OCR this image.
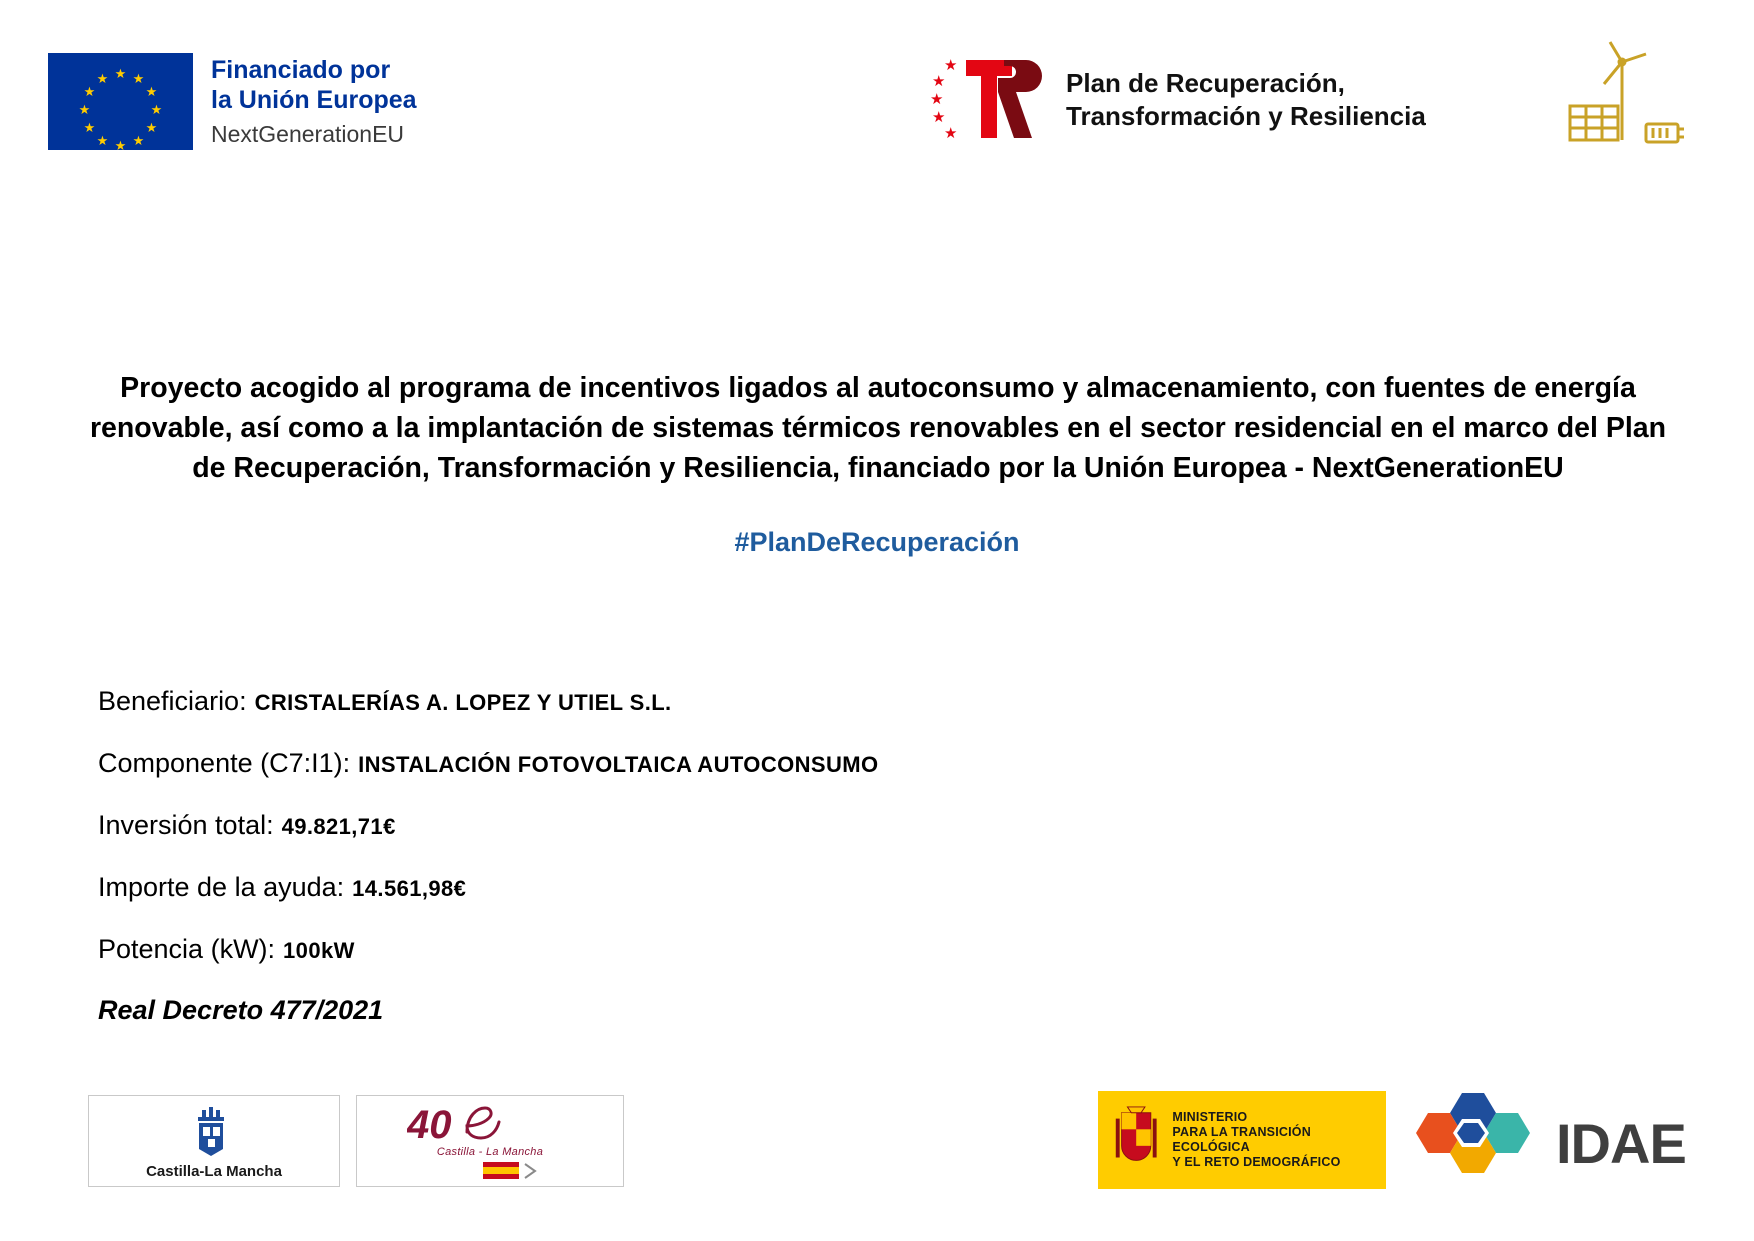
★ ★
★
★
★
★
★
★
★
★
★
★	Financiado por
la Unión Europea
NextGenerationEU
★
★
★
★
★
Plan de Recuperación,
Transformación y Resiliencia
Proyecto acogido al programa de incentivos ligados al autoconsumo y almacenamiento, con fuentes de energía renovable, así como a la implantación de sistemas térmicos renovables en el sector residencial en el marco del Plan de Recuperación, Transformación y Resiliencia, financiado por la Unión Europea - NextGenerationEU
#PlanDeRecuperación
Beneficiario: CRISTALERÍAS A. LOPEZ Y UTIEL S.L.
Componente (C7:I1): INSTALACIÓN FOTOVOLTAICA AUTOCONSUMO
Inversión total: 49.821,71€
Importe de la ayuda: 14.561,98€
Potencia (kW): 100kW
Real Decreto 477/2021
Castilla-La Mancha
40
Castilla - La Mancha
MINISTERIO
PARA LA TRANSICIÓN ECOLÓGICA
Y EL RETO DEMOGRÁFICO	IDAE
